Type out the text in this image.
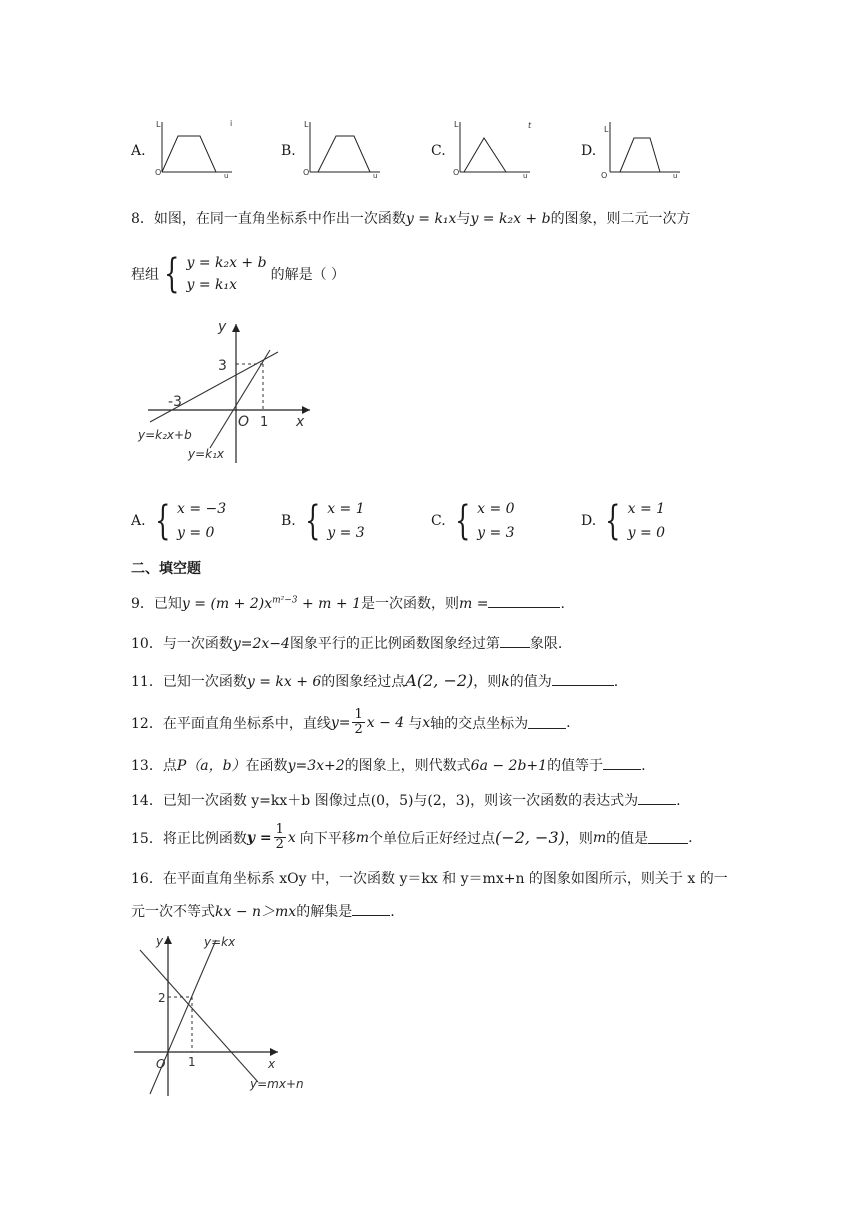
A.
L
O	u
i
B.
L
O	u
C.
L
O	u
t
D.
L
O	u
8．如图，在同一直角坐标系中作出一次函数y = k₁x与y = k₂x + b的图象，则二元一次方
程组 { y = k₂x + b
y = k₁x
的解是（ ）
y
x
O
3
1
-3
y=k₂x+b
y=k₁x
A. { x = −3
y = 0
B. { x = 1
y = 3
C. { x = 0
y = 3
D. { x = 1
y = 0
二、填空题
9．已知$y = (m + 2)x^{m^2-3} + m + 1$是一次函数，则m =	.
10．与一次函数y=2x−4图象平行的正比例函数图象经过第 象限.
11．已知一次函数y = kx + 6的图象经过点A(2, −2)，则k的值为	.
12．在平面直角坐标系中，直线 $y= \frac{1}{2}$ x − 4 与 x 轴的交点坐标为	.
13．点P（a，b）在函数y=3x+2的图象上，则代数式6a − 2b+1的值等于	.
14．已知一次函数 y=kx＋b 图像过点(0，5)与(2，3)，则该一次函数的表达式为	.
15．将正比例函数 $y = \frac{1}{2}$ x 向下平移 m 个单位后正好经过点 (−2, −3) ，则 m 的值是	.
16．在平面直角坐标系 xOy 中，一次函数 y＝kx 和 y＝mx+n 的图象如图所示，则关于 x 的一
元一次不等式kx − n＞mx的解集是	.
y
x
O
2
1
y=kx
y=mx+n
